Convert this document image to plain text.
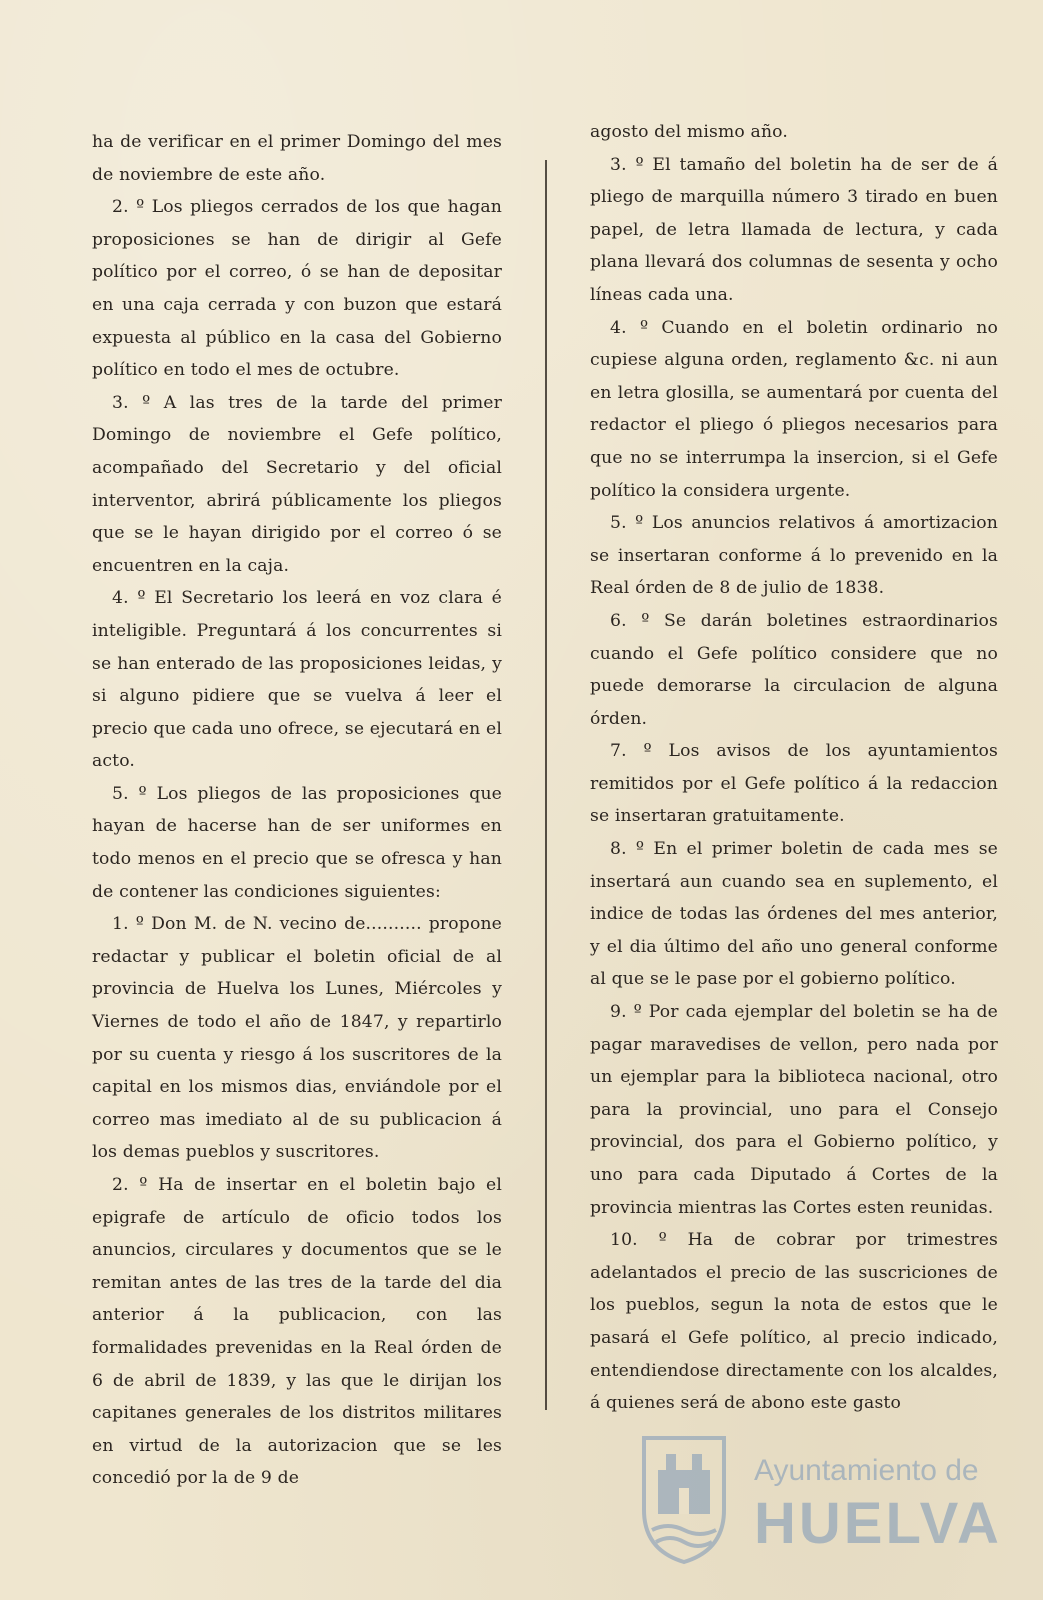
ha de verificar en el primer Domingo del mes de noviembre de este año.

2. º Los pliegos cerrados de los que hagan proposiciones se han de dirigir al Gefe político por el correo, ó se han de depositar en una caja cerrada y con buzon que estará expuesta al público en la casa del Gobierno político en todo el mes de octubre.

3. º A las tres de la tarde del primer Domingo de noviembre el Gefe político, acompañado del Secretario y del oficial interventor, abrirá públicamente los pliegos que se le hayan dirigido por el correo ó se encuentren en la caja.

4. º El Secretario los leerá en voz clara é inteligible. Preguntará á los concurrentes si se han enterado de las proposiciones leidas, y si alguno pidiere que se vuelva á leer el precio que cada uno ofrece, se ejecutará en el acto.

5. º Los pliegos de las proposiciones que hayan de hacerse han de ser uniformes en todo menos en el precio que se ofresca y han de contener las condiciones siguientes:

1. º Don M. de N. vecino de.......... propone redactar y publicar el boletin oficial de al provincia de Huelva los Lunes, Miércoles y Viernes de todo el año de 1847, y repartirlo por su cuenta y riesgo á los suscritores de la capital en los mismos dias, enviándole por el correo mas imediato al de su publicacion á los demas pueblos y suscritores.

2. º Ha de insertar en el boletin bajo el epigrafe de artículo de oficio todos los anuncios, circulares y documentos que se le remitan antes de las tres de la tarde del dia anterior á la publicacion, con las formalidades prevenidas en la Real órden de 6 de abril de 1839, y las que le dirijan los capitanes generales de los distritos militares en virtud de la autorizacion que se les concedió por la de 9 de

agosto del mismo año.

3. º El tamaño del boletin ha de ser de á pliego de marquilla número 3 tirado en buen papel, de letra llamada de lectura, y cada plana llevará dos columnas de sesenta y ocho líneas cada una.

4. º Cuando en el boletin ordinario no cupiese alguna orden, reglamento &c. ni aun en letra glosilla, se aumentará por cuenta del redactor el pliego ó pliegos necesarios para que no se interrumpa la insercion, si el Gefe político la considera urgente.

5. º Los anuncios relativos á amortizacion se insertaran conforme á lo prevenido en la Real órden de 8 de julio de 1838.

6. º Se darán boletines estraordinarios cuando el Gefe político considere que no puede demorarse la circulacion de alguna órden.

7. º Los avisos de los ayuntamientos remitidos por el Gefe político á la redaccion se insertaran gratuitamente.

8. º En el primer boletin de cada mes se insertará aun cuando sea en suplemento, el indice de todas las órdenes del mes anterior, y el dia último del año uno general conforme al que se le pase por el gobierno político.

9. º Por cada ejemplar del boletin se ha de pagar maravedises de vellon, pero nada por un ejemplar para la biblioteca nacional, otro para la provincial, uno para el Consejo provincial, dos para el Gobierno político, y uno para cada Diputado á Cortes de la provincia mientras las Cortes esten reunidas.

10. º Ha de cobrar por trimestres adelantados el precio de las suscriciones de los pueblos, segun la nota de estos que le pasará el Gefe político, al precio indicado, entendiendose directamente con los alcaldes, á quienes será de abono este gasto

Ayuntamiento de
HUELVA
